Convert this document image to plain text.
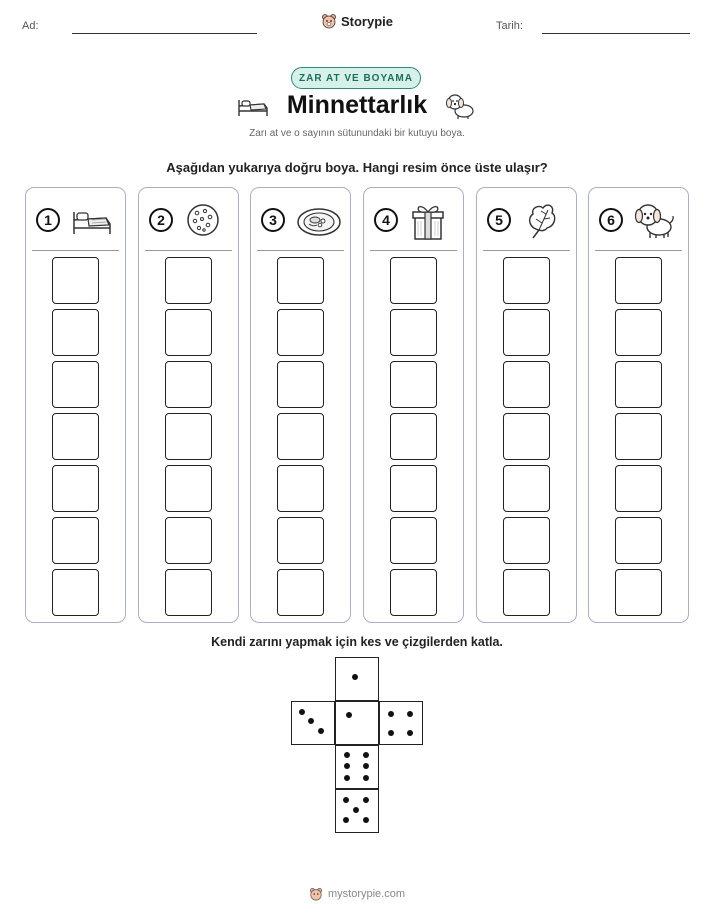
Ad:	Tarih:
Storypie
ZAR AT VE BOYAMA
Minnettarlık
Zarı at ve o sayının sütunundaki bir kutuyu boya.
Aşağıdan yukarıya doğru boya. Hangi resim önce üste ulaşır?
1	2	3	4	5	6
Kendi zarını yapmak için kes ve çizgilerden katla.
mystorypie.com
